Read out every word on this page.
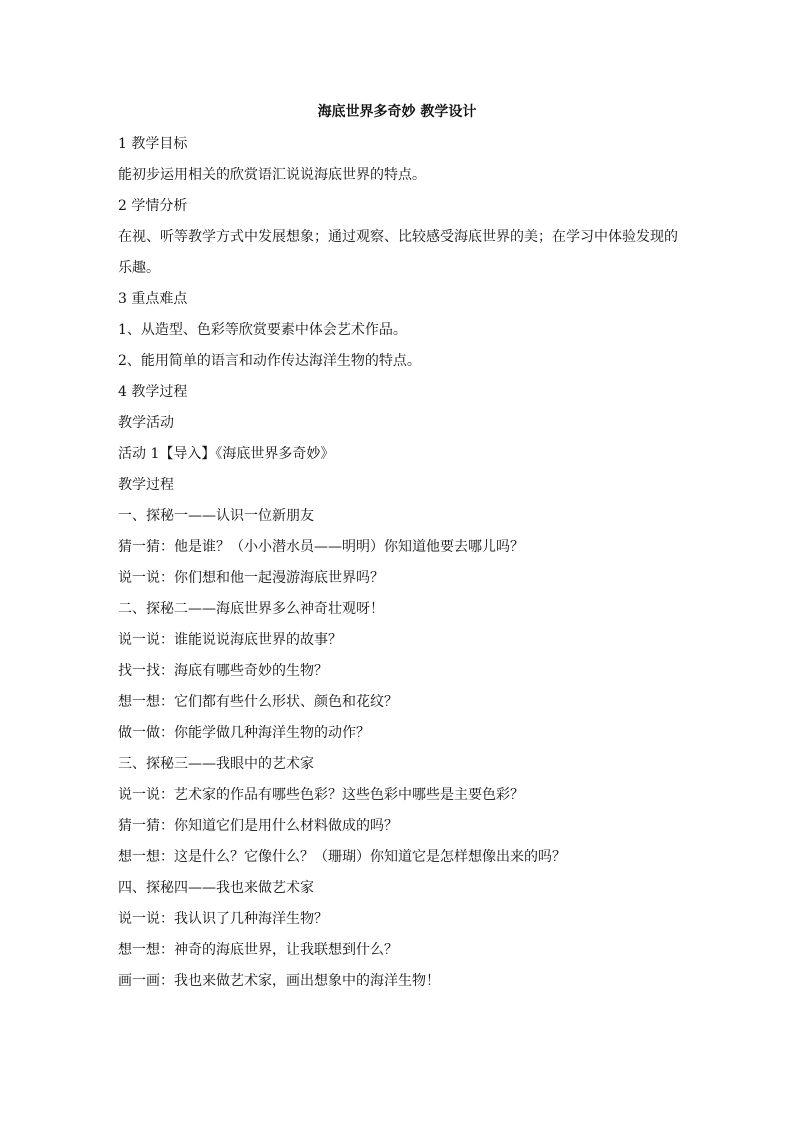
海底世界多奇妙 教学设计
1 教学目标
能初步运用相关的欣赏语汇说说海底世界的特点。
2 学情分析
在视、听等教学方式中发展想象；通过观察、比较感受海底世界的美；在学习中体验发现的
乐趣。
3 重点难点
1、从造型、色彩等欣赏要素中体会艺术作品。
2、能用简单的语言和动作传达海洋生物的特点。
4 教学过程
教学活动
活动 1【导入】《海底世界多奇妙》
教学过程
一、探秘一——认识一位新朋友
猜一猜：他是谁？（小小潜水员——明明）你知道他要去哪儿吗？
说一说：你们想和他一起漫游海底世界吗？
二、探秘二——海底世界多么神奇壮观呀！
说一说：谁能说说海底世界的故事？
找一找：海底有哪些奇妙的生物？
想一想：它们都有些什么形状、颜色和花纹？
做一做：你能学做几种海洋生物的动作？
三、探秘三——我眼中的艺术家
说一说：艺术家的作品有哪些色彩？这些色彩中哪些是主要色彩？
猜一猜：你知道它们是用什么材料做成的吗？
想一想：这是什么？它像什么？（珊瑚）你知道它是怎样想像出来的吗？
四、探秘四——我也来做艺术家
说一说：我认识了几种海洋生物？
想一想：神奇的海底世界，让我联想到什么？
画一画：我也来做艺术家，画出想象中的海洋生物！
